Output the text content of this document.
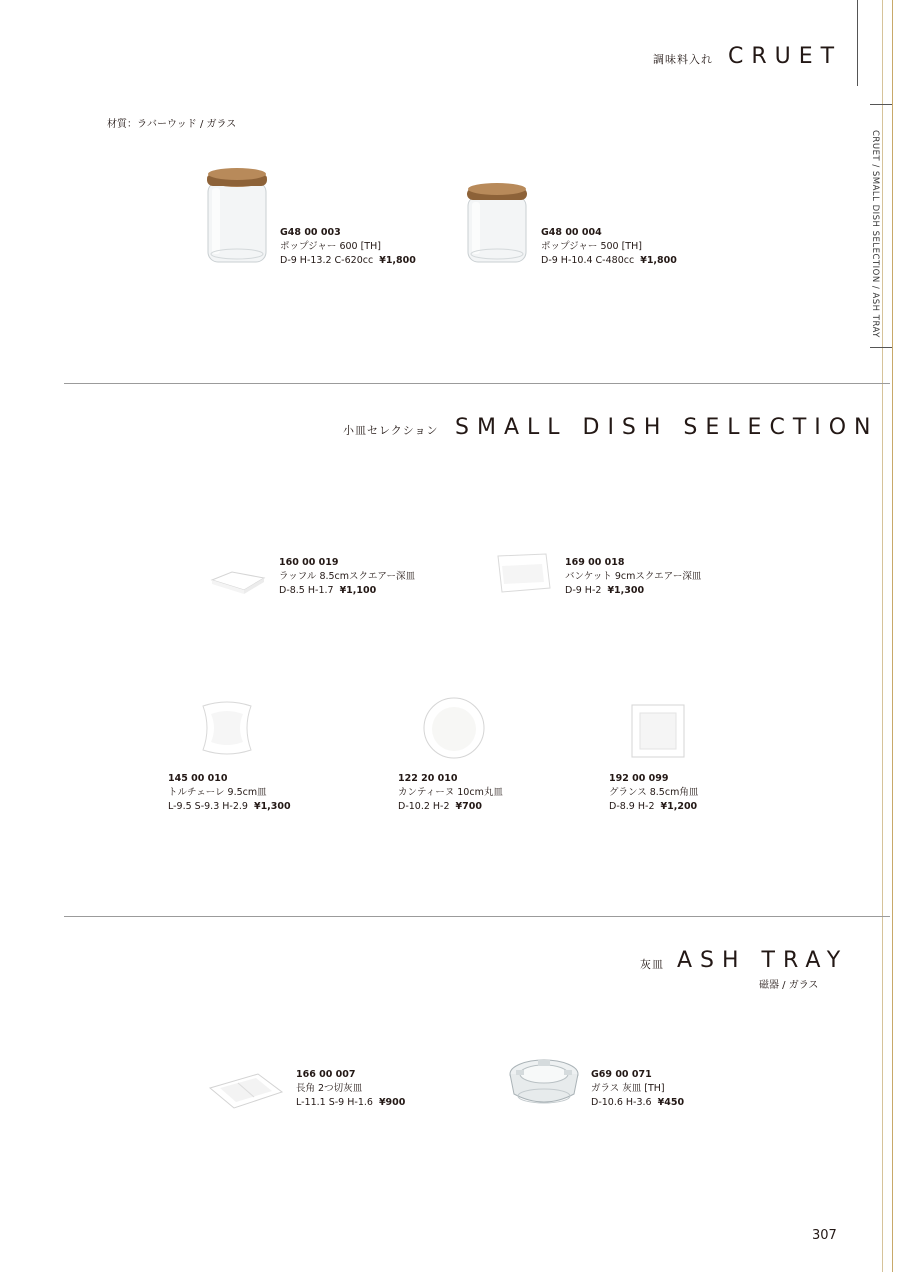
CRUET / SMALL DISH SELECTION / ASH TRAY
調味料入れ CRUET
材質：ラバーウッド / ガラス
G48 00 003
ポップジャー 600 [TH]
D-9 H-13.2 C-620cc ¥1,800
G48 00 004
ポップジャー 500 [TH]
D-9 H-10.4 C-480cc ¥1,800
小皿セレクション SMALL DISH SELECTION
160 00 019
ラッフル 8.5cmスクエアー深皿
D-8.5 H-1.7 ¥1,100
169 00 018
バンケット 9cmスクエアー深皿
D-9 H-2 ¥1,300
145 00 010
トルチェーレ 9.5cm皿
L-9.5 S-9.3 H-2.9 ¥1,300
122 20 010
カンティーヌ 10cm丸皿
D-10.2 H-2 ¥700
192 00 099
グランス 8.5cm角皿
D-8.9 H-2 ¥1,200
灰皿 ASH TRAY
磁器 / ガラス
166 00 007
長角 2つ切灰皿
L-11.1 S-9 H-1.6 ¥900
G69 00 071
ガラス 灰皿 [TH]
D-10.6 H-3.6 ¥450
307
